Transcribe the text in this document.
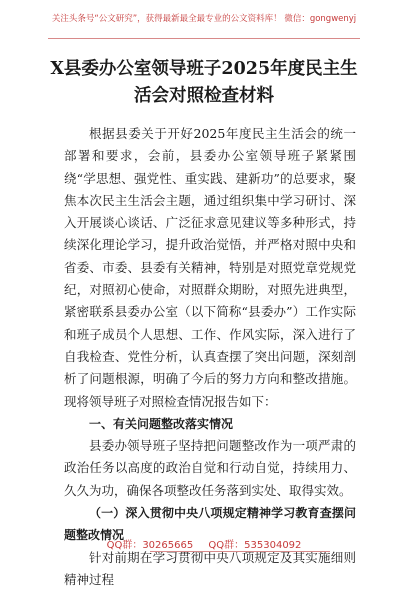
关注头条号“公文研究”，获得最新最全最专业的公文资料库！ 微信：gongwenyj
X县委办公室领导班子2025年度民主生
活会对照检查材料

根据县委关于开好2025年度民主生活会的统一部署和要求，会前，县委办公室领导班子紧紧围绕“学思想、强党性、重实践、建新功”的总要求，聚焦本次民主生活会主题，通过组织集中学习研讨、深入开展谈心谈话、广泛征求意见建议等多种形式，持续深化理论学习，提升政治觉悟，并严格对照中央和省委、市委、县委有关精神，特别是对照党章党规党纪，对照初心使命，对照群众期盼，对照先进典型，紧密联系县委办公室（以下简称“县委办”）工作实际和班子成员个人思想、工作、作风实际，深入进行了自我检查、党性分析，认真查摆了突出问题，深刻剖析了问题根源，明确了今后的努力方向和整改措施。现将领导班子对照检查情况报告如下：

一、有关问题整改落实情况

县委办领导班子坚持把问题整改作为一项严肃的政治任务以高度的政治自觉和行动自觉，持续用力、久久为功，确保各项整改任务落到实处、取得实效。

（一）深入贯彻中央八项规定精神学习教育查摆问题整改情况

针对前期在学习贯彻中央八项规定及其实施细则精神过程

QQ群：30265665 QQ群：535304092
